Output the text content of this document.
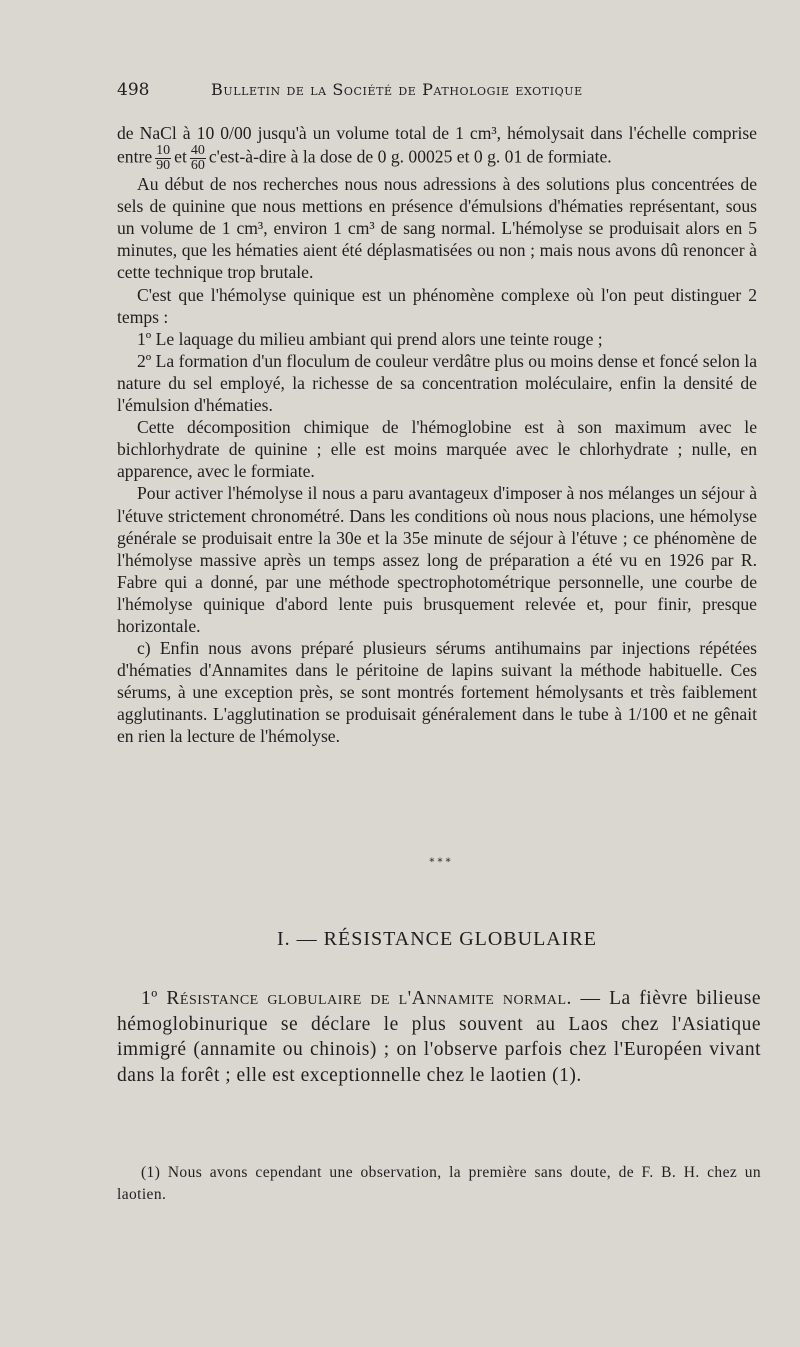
498	Bulletin de la Société de Pathologie exotique

de NaCl à 10 0/00 jusqu'à un volume total de 1 cm³, hémolysait dans l'échelle comprise entre $\frac{10}{90}$ et $\frac{40}{60}$ c'est-à-dire à la dose de 0 g. 00025 et 0 g. 01 de formiate.

Au début de nos recherches nous nous adressions à des solutions plus concentrées de sels de quinine que nous mettions en présence d'émulsions d'hématies représentant, sous un volume de 1 cm³, environ 1 cm³ de sang normal. L'hémolyse se produisait alors en 5 minutes, que les hématies aient été déplasmatisées ou non ; mais nous avons dû renoncer à cette technique trop brutale.

C'est que l'hémolyse quinique est un phénomène complexe où l'on peut distinguer 2 temps :

1º Le laquage du milieu ambiant qui prend alors une teinte rouge ;

2º La formation d'un floculum de couleur verdâtre plus ou moins dense et foncé selon la nature du sel employé, la richesse de sa concentration moléculaire, enfin la densité de l'émulsion d'hématies.

Cette décomposition chimique de l'hémoglobine est à son maximum avec le bichlorhydrate de quinine ; elle est moins marquée avec le chlorhydrate ; nulle, en apparence, avec le formiate.

Pour activer l'hémolyse il nous a paru avantageux d'imposer à nos mélanges un séjour à l'étuve strictement chronométré. Dans les conditions où nous nous placions, une hémolyse générale se produisait entre la 30e et la 35e minute de séjour à l'étuve ; ce phénomène de l'hémolyse massive après un temps assez long de préparation a été vu en 1926 par R. Fabre qui a donné, par une méthode spectrophotométrique personnelle, une courbe de l'hémolyse quinique d'abord lente puis brusquement relevée et, pour finir, presque horizontale.

c) Enfin nous avons préparé plusieurs sérums antihumains par injections répétées d'hématies d'Annamites dans le péritoine de lapins suivant la méthode habituelle. Ces sérums, à une exception près, se sont montrés fortement hémolysants et très faiblement agglutinants. L'agglutination se produisait généralement dans le tube à 1/100 et ne gênait en rien la lecture de l'hémolyse.

* * *
I. — RÉSISTANCE GLOBULAIRE
1º Résistance globulaire de l'Annamite normal. — La fièvre bilieuse hémoglobinurique se déclare le plus souvent au Laos chez l'Asiatique immigré (annamite ou chinois) ; on l'observe parfois chez l'Européen vivant dans la forêt ; elle est exceptionnelle chez le laotien (1).
(1) Nous avons cependant une observation, la première sans doute, de F. B. H. chez un laotien.
